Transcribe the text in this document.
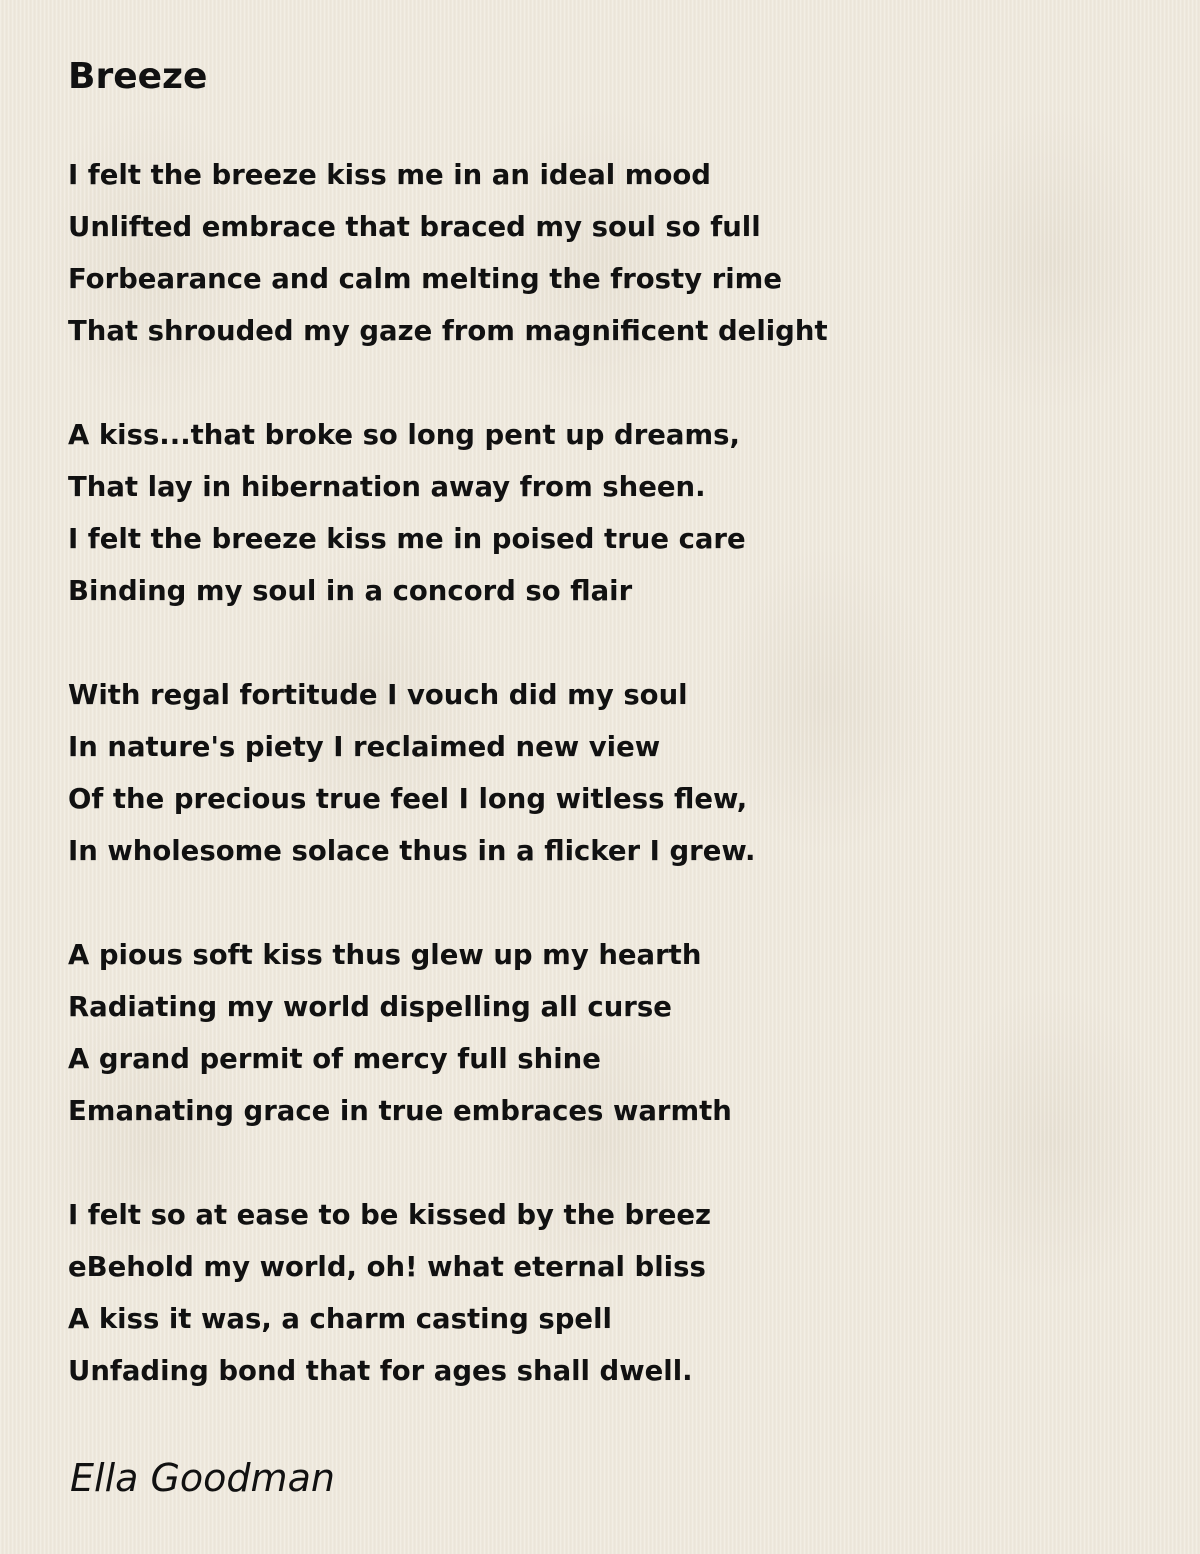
Breeze
I felt the breeze kiss me in an ideal mood
Unlifted embrace that braced my soul so full
Forbearance and calm melting the frosty rime
That shrouded my gaze from magnificent delight
A kiss...that broke so long pent up dreams,
That lay in hibernation away from sheen.
I felt the breeze kiss me in poised true care
Binding my soul in a concord so flair
With regal fortitude I vouch did my soul
In nature's piety I reclaimed new view
Of the precious true feel I long witless flew,
In wholesome solace thus in a flicker I grew.
A pious soft kiss thus glew up my hearth
Radiating my world dispelling all curse
A grand permit of mercy full shine
Emanating grace in true embraces warmth
I felt so at ease to be kissed by the breez
eBehold my world, oh! what eternal bliss
A kiss it was, a charm casting spell
Unfading bond that for ages shall dwell.

Ella Goodman
